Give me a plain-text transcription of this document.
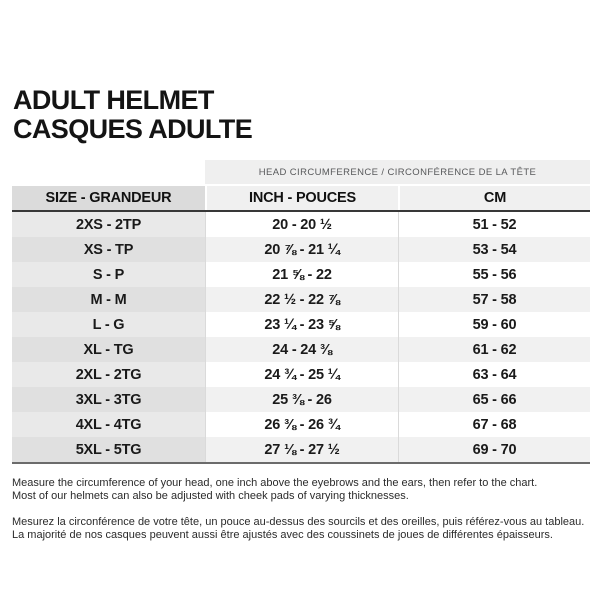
ADULT HELMET
CASQUES ADULTE
HEAD CIRCUMFERENCE / CIRCONFÉRENCE DE LA TÊTE
SIZE - GRANDEUR	INCH - POUCES	CM
2XS - 2TP	20 - 20 ½	51 - 52
XS - TP	20 ⅞ - 21 ¼	53 - 54
S - P	21 ⅝ - 22	55 - 56
M - M	22 ½ - 22 ⅞	57 - 58
L - G	23 ¼ - 23 ⅝	59 - 60
XL - TG	24 - 24 ⅜	61 - 62
2XL - 2TG	24 ¾ - 25 ¼	63 - 64
3XL - 3TG	25 ⅜ - 26	65 - 66
4XL - 4TG	26 ⅜ - 26 ¾	67 - 68
5XL - 5TG	27 ⅛ - 27 ½	69 - 70

Measure the circumference of your head, one inch above the eyebrows and the ears, then refer to the chart.
Most of our helmets can also be adjusted with cheek pads of varying thicknesses.

Mesurez la circonférence de votre tête, un pouce au-dessus des sourcils et des oreilles, puis référez-vous au tableau.
La majorité de nos casques peuvent aussi être ajustés avec des coussinets de joues de différentes épaisseurs.
